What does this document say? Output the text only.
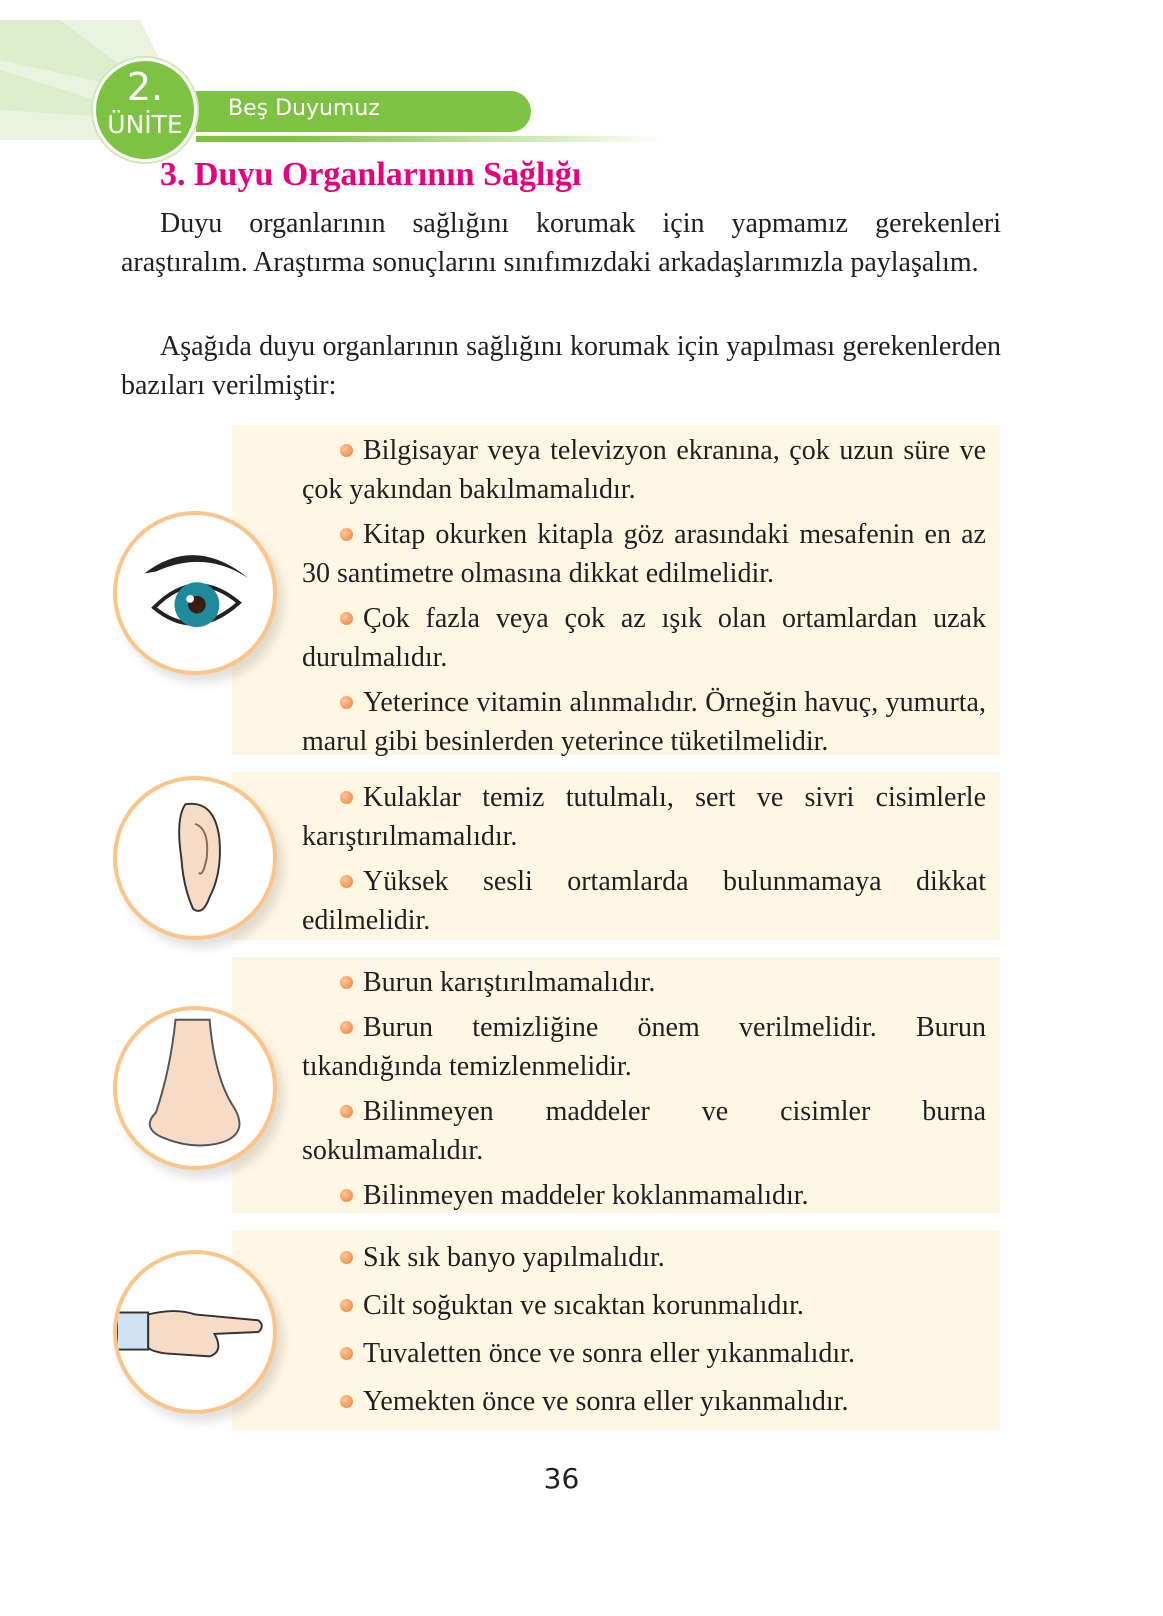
Beş Duyumuz
2.
ÜNİTE
3. Duyu Organlarının Sağlığı

Duyu organlarının sağlığını korumak için yapmamız gerekenleri araştıralım. Araştırma sonuçlarını sınıfımızdaki arkadaşlarımızla paylaşalım.

Aşağıda duyu organlarının sağlığını korumak için yapılması gerekenlerden bazıları verilmiştir:

Bilgisayar veya televizyon ekranına, çok uzun süre ve çok yakından bakılmamalıdır.
Kitap okurken kitapla göz arasındaki mesafenin en az 30 santimetre olmasına dikkat edilmelidir.
Çok fazla veya çok az ışık olan ortamlardan uzak durulmalıdır.
Yeterince vitamin alınmalıdır. Örneğin havuç, yumurta, marul gibi besinlerden yeterince tüketilmelidir.
Kulaklar temiz tutulmalı, sert ve sivri cisimlerle karıştırılmamalıdır.
Yüksek sesli ortamlarda bulunmamaya dikkat edilmelidir.
Burun karıştırılmamalıdır.
Burun temizliğine önem verilmelidir. Burun tıkandığında temizlenmelidir.
Bilinmeyen maddeler ve cisimler burna sokulmamalıdır.
Bilinmeyen maddeler koklanmamalıdır.
Sık sık banyo yapılmalıdır.
Cilt soğuktan ve sıcaktan korunmalıdır.
Tuvaletten önce ve sonra eller yıkanmalıdır.
Yemekten önce ve sonra eller yıkanmalıdır.
36
